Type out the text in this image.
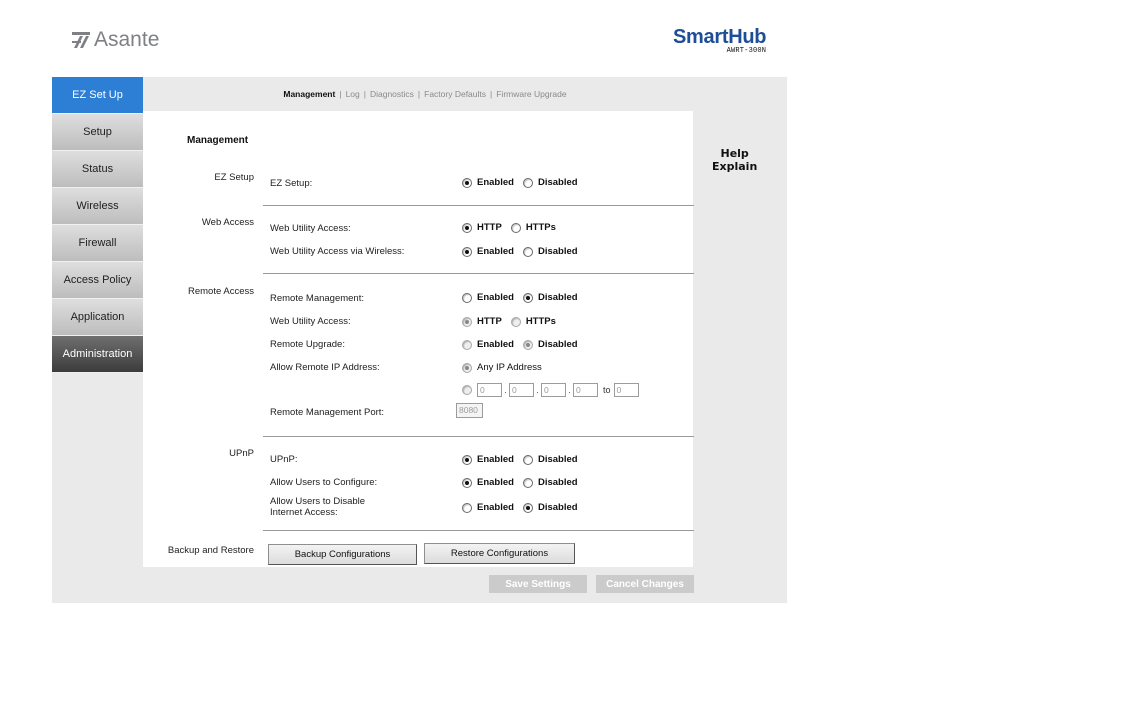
Asante	SmartHub
AWRT-300N
EZ Set Up
Setup
Status
Wireless
Firewall
Access Policy
Application
Administration
Management | Log | Diagnostics | Factory Defaults | Firmware Upgrade
Help
Explain
Management
EZ Setup
EZ Setup:	Enabled	Disabled
Web Access
Web Utility Access:	HTTP	HTTPs
Web Utility Access via Wireless:	Enabled	Disabled
Remote Access
Remote Management:	Enabled	Disabled
Web Utility Access:	HTTP	HTTPs
Remote Upgrade:	Enabled	Disabled
Allow Remote IP Address:	Any IP Address
0	. 0	. 0	. 0	to 0
Remote Management Port:	8080
UPnP
UPnP:	Enabled	Disabled
Allow Users to Configure:	Enabled	Disabled
Allow Users to Disable
Internet Access:	Enabled	Disabled
Backup and Restore	Backup Configurations	Restore Configurations
Save Settings	Cancel Changes
